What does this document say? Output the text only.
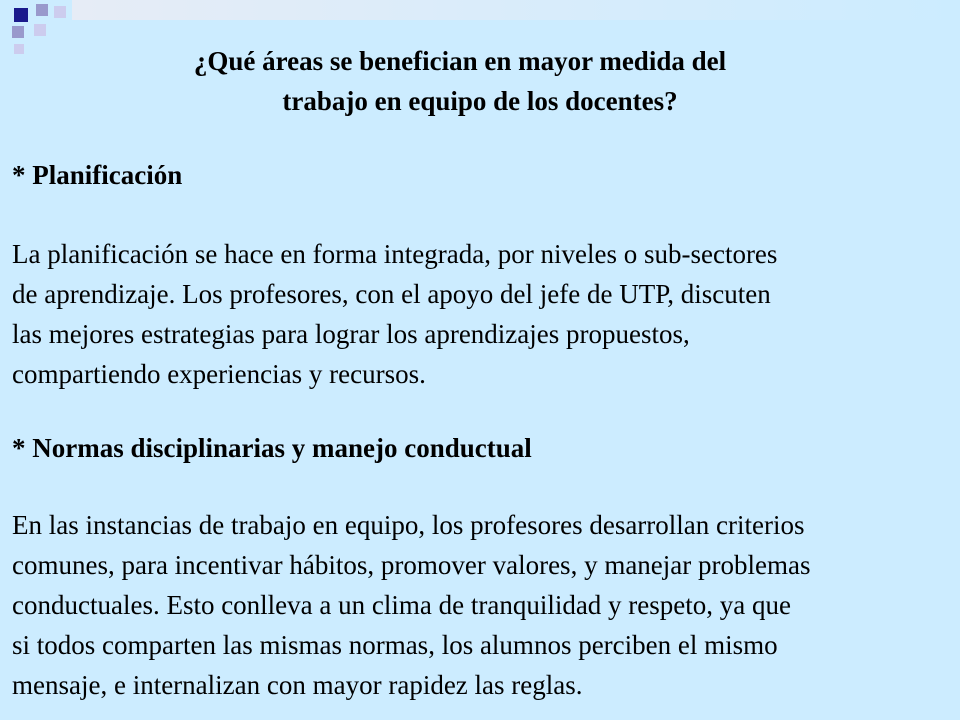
¿Qué áreas se benefician en mayor medida del
trabajo en equipo de los docentes?
* Planificación

La planificación se hace en forma integrada, por niveles o sub-sectores
de aprendizaje. Los profesores, con el apoyo del jefe de UTP, discuten
las mejores estrategias para lograr los aprendizajes propuestos,
compartiendo experiencias y recursos.

* Normas disciplinarias y manejo conductual

En las instancias de trabajo en equipo, los profesores desarrollan criterios
comunes, para incentivar hábitos, promover valores, y manejar problemas
conductuales. Esto conlleva a un clima de tranquilidad y respeto, ya que
si todos comparten las mismas normas, los alumnos perciben el mismo
mensaje, e internalizan con mayor rapidez las reglas.
